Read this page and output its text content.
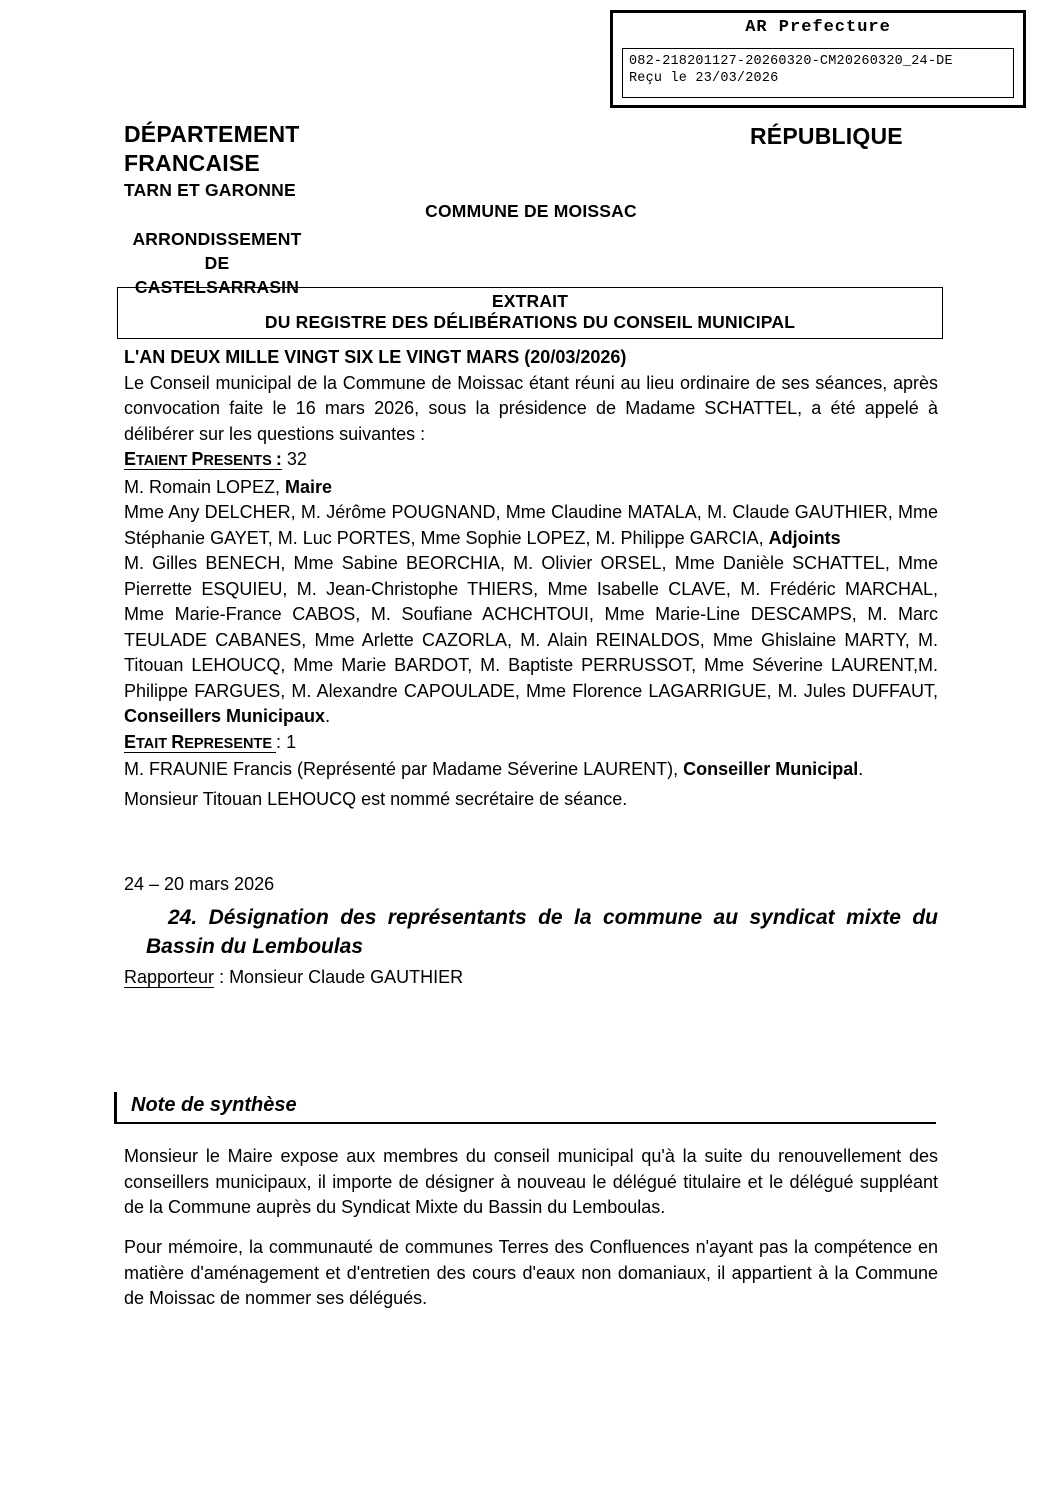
AR Prefecture
082-218201127-20260320-CM20260320_24-DE
Reçu le 23/03/2026
DÉPARTEMENT
FRANCAISE
RÉPUBLIQUE
TARN ET GARONNE
COMMUNE DE MOISSAC
ARRONDISSEMENT
DE
CASTELSARRASIN
EXTRAIT
DU REGISTRE DES DÉLIBÉRATIONS DU CONSEIL MUNICIPAL

L'AN DEUX MILLE VINGT SIX LE VINGT MARS (20/03/2026)

Le Conseil municipal de la Commune de Moissac étant réuni au lieu ordinaire de ses séances, après convocation faite le 16 mars 2026, sous la présidence de Madame SCHATTEL, a été appelé à délibérer sur les questions suivantes :

ETAIENT PRESENTS : 32

M. Romain LOPEZ, Maire

Mme Any DELCHER, M. Jérôme POUGNAND, Mme Claudine MATALA, M. Claude GAUTHIER, Mme Stéphanie GAYET, M. Luc PORTES, Mme Sophie LOPEZ, M. Philippe GARCIA, Adjoints

M. Gilles BENECH, Mme Sabine BEORCHIA, M. Olivier ORSEL, Mme Danièle SCHATTEL, Mme Pierrette ESQUIEU, M. Jean-Christophe THIERS, Mme Isabelle CLAVE, M. Frédéric MARCHAL, Mme Marie-France CABOS, M. Soufiane ACHCHTOUI, Mme Marie-Line DESCAMPS, M. Marc TEULADE CABANES, Mme Arlette CAZORLA, M. Alain REINALDOS, Mme Ghislaine MARTY, M. Titouan LEHOUCQ, Mme Marie BARDOT, M. Baptiste PERRUSSOT, Mme Séverine LAURENT,M. Philippe FARGUES, M. Alexandre CAPOULADE, Mme Florence LAGARRIGUE, M. Jules DUFFAUT, Conseillers Municipaux.

ETAIT REPRESENTE : 1

M. FRAUNIE Francis (Représenté par Madame Séverine LAURENT), Conseiller Municipal.

Monsieur Titouan LEHOUCQ est nommé secrétaire de séance.

24 – 20 mars 2026
24. Désignation des représentants de la commune au syndicat mixte du Bassin du Lemboulas
Rapporteur : Monsieur Claude GAUTHIER
Note de synthèse

Monsieur le Maire expose aux membres du conseil municipal qu'à la suite du renouvellement des conseillers municipaux, il importe de désigner à nouveau le délégué titulaire et le délégué suppléant de la Commune auprès du Syndicat Mixte du Bassin du Lemboulas.

Pour mémoire, la communauté de communes Terres des Confluences n'ayant pas la compétence en matière d'aménagement et d'entretien des cours d'eaux non domaniaux, il appartient à la Commune de Moissac de nommer ses délégués.
